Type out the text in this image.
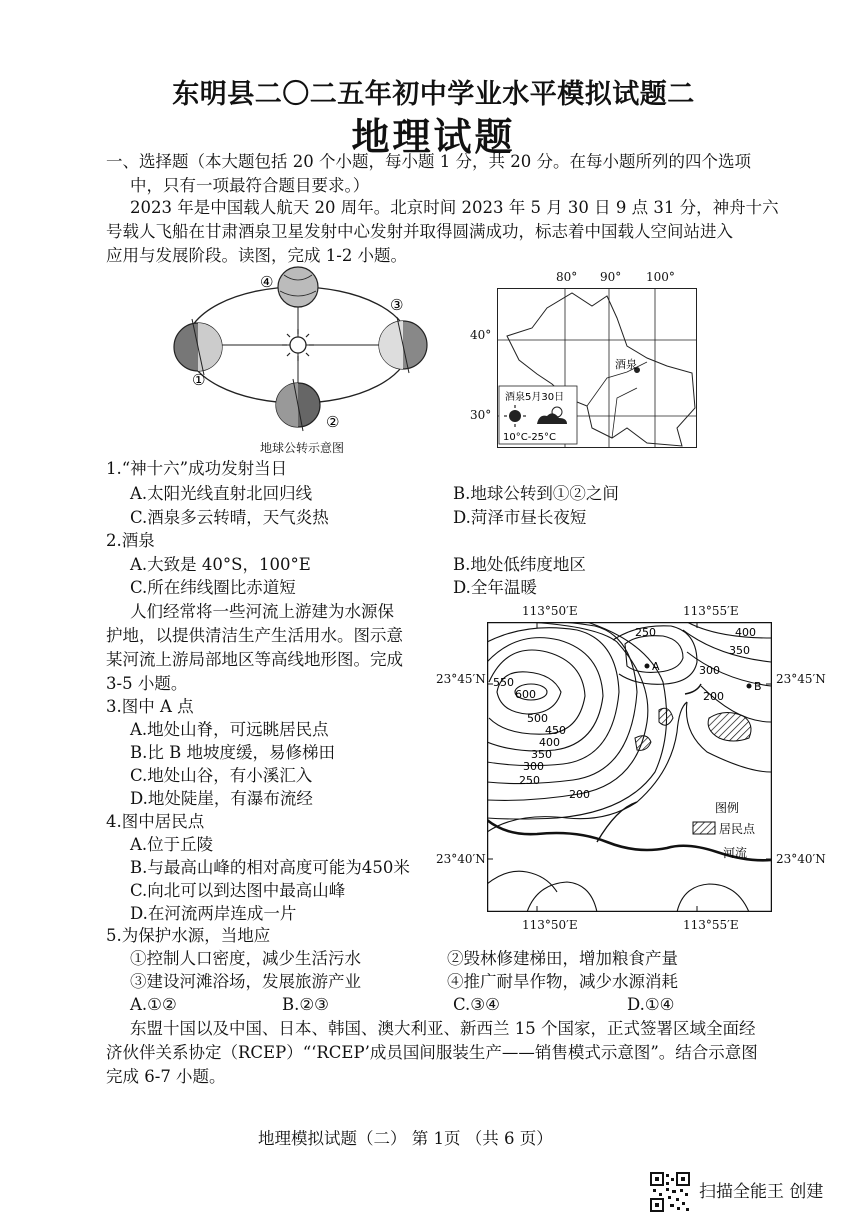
东明县二〇二五年初中学业水平模拟试题二
地理试题
一、选择题（本大题包括 20 个小题，每小题 1 分，共 20 分。在每小题所列的四个选项
中，只有一项最符合题目要求。）
2023 年是中国载人航天 20 周年。北京时间 2023 年 5 月 30 日 9 点 31 分，神舟十六
号载人飞船在甘肃酒泉卫星发射中心发射并取得圆满成功，标志着中国载人空间站进入
应用与发展阶段。读图，完成 1-2 小题。
④
③
①
②
地球公转示意图
80° 90° 100°
40°
30°
酒泉
酒泉5月30日
10°C-25°C
1.“神十六”成功发射当日
A.太阳光线直射北回归线	B.地球公转到①②之间
C.酒泉多云转晴，天气炎热	D.菏泽市昼长夜短
2.酒泉
A.大致是 40°S，100°E	B.地处低纬度地区
C.所在纬线圈比赤道短	D.全年温暖
人们经常将一些河流上游建为水源保
护地，以提供清洁生产生活用水。图示意
某河流上游局部地区等高线地形图。完成
3-5 小题。
3.图中 A 点
A.地处山脊，可远眺居民点
B.比 B 地坡度缓，易修梯田
C.地处山谷，有小溪汇入
D.地处陡崖，有瀑布流经
4.图中居民点
A.位于丘陵
B.与最高山峰的相对高度可能为450米
C.向北可以到达图中最高山峰
D.在河流两岸连成一片
113°50′E	113°55′E
113°50′E	113°55′E
23°45′N
23°40′N
23°45′N
23°40′N
A
B
600
550
500
450
400
350
300
250
200
250	400
350
300
200
图例
居民点
河流
5.为保护水源，当地应
①控制人口密度，减少生活污水	②毁林修建梯田，增加粮食产量
③建设河滩浴场，发展旅游产业	④推广耐旱作物，减少水源消耗
A.①②	B.②③	C.③④	D.①④
东盟十国以及中国、日本、韩国、澳大利亚、新西兰 15 个国家，正式签署区域全面经
济伙伴关系协定（RCEP）“‘RCEP’成员国间服装生产——销售模式示意图”。结合示意图
完成 6-7 小题。
地理模拟试题（二） 第 1页 （共 6 页）
扫描全能王 创建
